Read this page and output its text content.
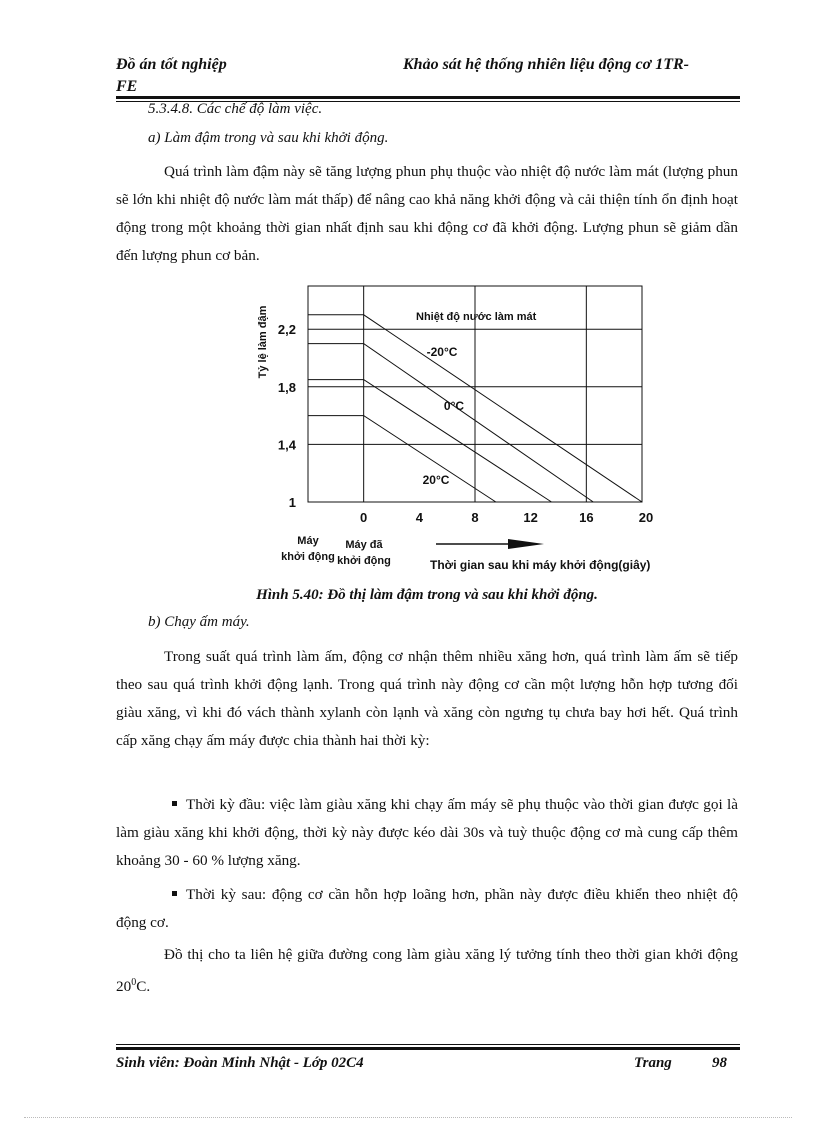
Đồ án tốt nghiệp
FE
Khảo sát hệ thống nhiên liệu động cơ 1TR-
5.3.4.8. Các chế độ làm việc.
a) Làm đậm trong và sau khi khởi động.
Quá trình làm đậm này sẽ tăng lượng phun phụ thuộc vào nhiệt độ nước làm mát (lượng phun sẽ lớn khi nhiệt độ nước làm mát thấp) để nâng cao khả năng khởi động và cải thiện tính ổn định hoạt động trong một khoảng thời gian nhất định sau khi động cơ đã khởi động. Lượng phun sẽ giảm dần đến lượng phun cơ bản.
-20°C
0°C
20°C
Nhiệt độ nước làm mát
2,2
1,8
1,4
1
0	4	8	12	16	20
Tỷ lệ làm đậm
Máy
khởi động
Máy đã
khởi động	Thời gian sau khi máy khởi động(giây)
Hình 5.40: Đồ thị làm đậm trong và sau khi khởi động.
b) Chạy ấm máy.
Trong suất quá trình làm ấm, động cơ nhận thêm nhiều xăng hơn, quá trình làm ấm sẽ tiếp theo sau quá trình khởi động lạnh. Trong quá trình này động cơ cần một lượng hỗn hợp tương đối giàu xăng, vì khi đó vách thành xylanh còn lạnh và xăng còn ngưng tụ chưa bay hơi hết. Quá trình cấp xăng chạy ấm máy được chia thành hai thời kỳ:
Thời kỳ đầu: việc làm giàu xăng khi chạy ấm máy sẽ phụ thuộc vào thời gian được gọi là làm giàu xăng khi khởi động, thời kỳ này được kéo dài 30s và tuỳ thuộc động cơ mà cung cấp thêm khoảng 30 - 60 % lượng xăng.
Thời kỳ sau: động cơ cần hỗn hợp loãng hơn, phần này được điều khiển theo nhiệt độ động cơ.
Đồ thị cho ta liên hệ giữa đường cong làm giàu xăng lý tưởng tính theo thời gian khởi động $20^0C$.
Sinh viên: Đoàn Minh Nhật - Lớp 02C4	Trang	98
